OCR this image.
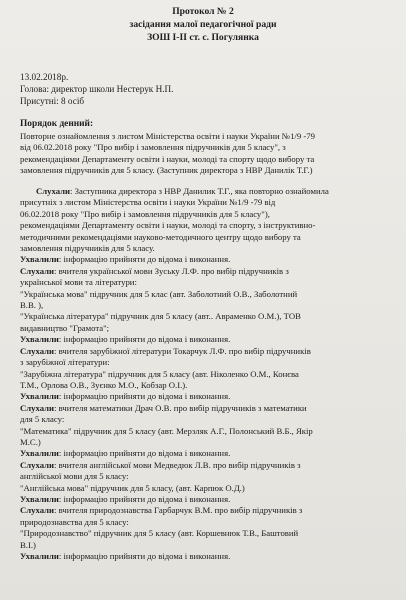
Протокол № 2
засідання малої педагогічної ради
ЗОШ І-ІІ ст. с. Погулянка
13.02.2018р.
Голова: директор школи Нестерук Н.П.
Присутні: 8 осіб
Порядок денний:
Повторне ознайомлення з листом Міністерства освіти і науки України №1/9 -79
від 06.02.2018 року "Про вибір і замовлення підручників для 5 класу", з
рекомендаціями Департаменту освіти і науки, молоді та спорту щодо вибору та
замовлення підручників для 5 класу. (Заступник директора з НВР Данилік Т.Г.)
Слухали: Заступника директора з НВР Данилик Т.Г., яка повторно ознайомила
присутніх з листом Міністерства освіти і науки України №1/9 -79 від
06.02.2018 року "Про вибір і замовлення підручників для 5 класу"),
рекомендаціями Департаменту освіти і науки, молоді та спорту, з інструктивно-
методичними рекомендаціями науково-методичного центру щодо вибору та
замовлення підручників для 5 класу.
Ухвалили: інформацію прийняти до відома і виконання.
Слухали: вчителя української мови Зуську Л.Ф. про вибір підручників з
української мови та літератури:
"Українська мова" підручник для 5 клас (авт. Заболотний О.В., Заболотний
В.В. ),
"Українська література" підручник для 5 класу (авт.. Авраменко О.М.), ТОВ
видавництво "Грамота";
Ухвалили: інформацію прийняти до відома і виконання.
Слухали: вчителя зарубіжної літератури Токарчук Л.Ф. про вибір підручників
з зарубіжної літератури:
"Зарубіжна література" підручник для 5 класу (авт. Ніколенко О.М., Конєва
Т.М., Орлова О.В., Зуєнко М.О., Кобзар О.І.).
Ухвалили: інформацію прийняти до відома і виконання.
Слухали: вчителя математики Драч О.В. про вибір підручників з математики
для 5 класу:
"Математика" підручник для 5 класу (авт. Мерзляк А.Г., Полонський В.Б., Якір
М.С.)
Ухвалили: інформацію прийняти до відома і виконання.
Слухали: вчителя англійської мови Медведюк Л.В. про вибір підручників з
англійської мови для 5 класу:
"Англійська мова" підручник для 5 класу, (авт. Карпюк О.Д.)
Ухвалили: інформацію прийняти до відома і виконання.
Слухали: вчителя природознавства Гарбарчук В.М. про вибір підручників з
природознавства для 5 класу:
"Природознавство" підручник для 5 класу (авт. Коршевнюк Т.В., Баштовий
В.І.)
Ухвалили: інформацію прийняти до відома і виконання.
